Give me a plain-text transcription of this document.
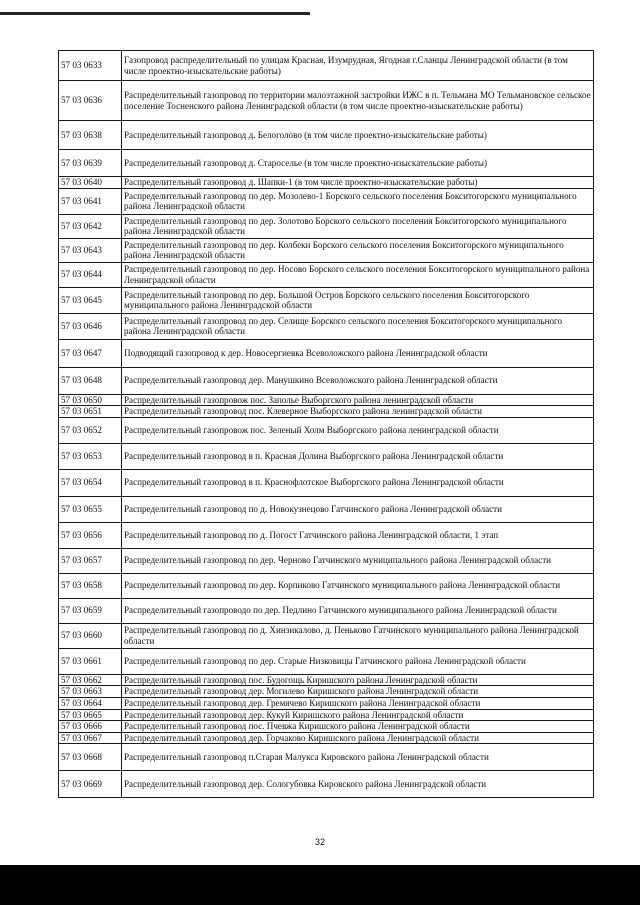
57 03 0633	Газопровод распределительный по улицам Красная, Изумрудная, Ягодная г.Сланцы Ленинградской области (в том числе проектно-изыскательские работы)
57 03 0636	Распределительный газопровод по территории малоэтажной застройки ИЖС в п. Тельмана МО Тельмановское сельское поселение Тосненского района Ленинградской области (в том числе проектно-изыскательские работы)
57 03 0638	Распределительный газопровод д. Белоголово (в том числе проектно-изыскательские работы)
57 03 0639	Распределительный газопровод д. Староселье (в том числе проектно-изыскательские работы)
57 03 0640	Распределительный газопровод д. Шапки-1 (в том числе проектно-изыскательские работы)
57 03 0641	Распределительный газопровод по дер. Мозолево-1 Борского сельского поселения Бокситогорского муниципального района Ленинградской области
57 03 0642	Распределительный газопровод по дер. Золотово Борского сельского поселения Бокситогорского муниципального района Ленинградской области
57 03 0643	Распределительный газопровод по дер. Колбеки Борского сельского поселения Бокситогорского муниципального района Ленинградской области
57 03 0644	Распределительный газопровод по дер. Носово Борского сельского поселения Бокситогорского муниципального района Ленинградской области
57 03 0645	Распределительный газопровод по дер. Большой Остров Борского сельского поселения Бокситогорского муниципального района Ленинградской области
57 03 0646	Распределительный газопровод по дер. Селище Борского сельского поселения Бокситогорского муниципального района Ленинградской области
57 03 0647	Подводящий газопровод к дер. Новосергиевка Всеволожского района Ленинградской области
57 03 0648	Распределительный газопровод дер. Манушкино Всеволожского района Ленинградской области
57 03 0650	Распределительный газопровож пос. Заполье Выборгского района ленинградской области
57 03 0651	Распределительный газопровод пос. Клеверное Выборгского района ленинградской области
57 03 0652	Распределительный газопровож пос. Зеленый Холм Выборгского района ленинградской области
57 03 0653	Распределительный газопровод в п. Красная Долина Выборгского района Ленинградской области
57 03 0654	Распределительный газопровод в п. Краснофлотское Выборгского района Ленинградской области
57 03 0655	Распределительный газопровод по д. Новокузнецово Гатчинского района Ленинградской области
57 03 0656	Распределительный газопровод по д. Погост Гатчинского района Ленинградской области, 1 этап
57 03 0657	Распределительный газопровод по дер. Черново Гатчинского муниципального района Ленинградской области
57 03 0658	Распределительный газопровод по дер. Корпиково Гатчинского муниципального района Ленинградской области
57 03 0659	Распределительный газопроводо по дер. Педлино Гатчинского муниципального района Ленинградской области
57 03 0660	Распределительный газопровод по д. Хинзикалово, д. Пеньково Гатчинского муниципального района Ленинградской области
57 03 0661	Распределительный газопровод по дер. Старые Низковицы Гатчинского района Ленинградской области
57 03 0662	Распределительный газопровод пос. Будогощь Киришского района Ленинградской области
57 03 0663	Распределительный газопровод дер. Могилево Киришского района Ленинградской области
57 03 0664	Распределительный газопровод дер. Гремячево Киришского района Ленинградской области
57 03 0665	Распределительный газопровод дер. Кукуй Киришского района Ленинградской области
57 03 0666	Распределительный газопровод пос. Пчевжа Киришского района Ленинградской области
57 03 0667	Распределительный газопровод дер. Горчаково Киришского района Ленинградской области
57 03 0668	Распределительный газопровод п.Старая Малукса Кировского района Ленинградской области
57 03 0669	Распределительный газопровод дер. Сологубовка Кировского района Ленинградской области
32
